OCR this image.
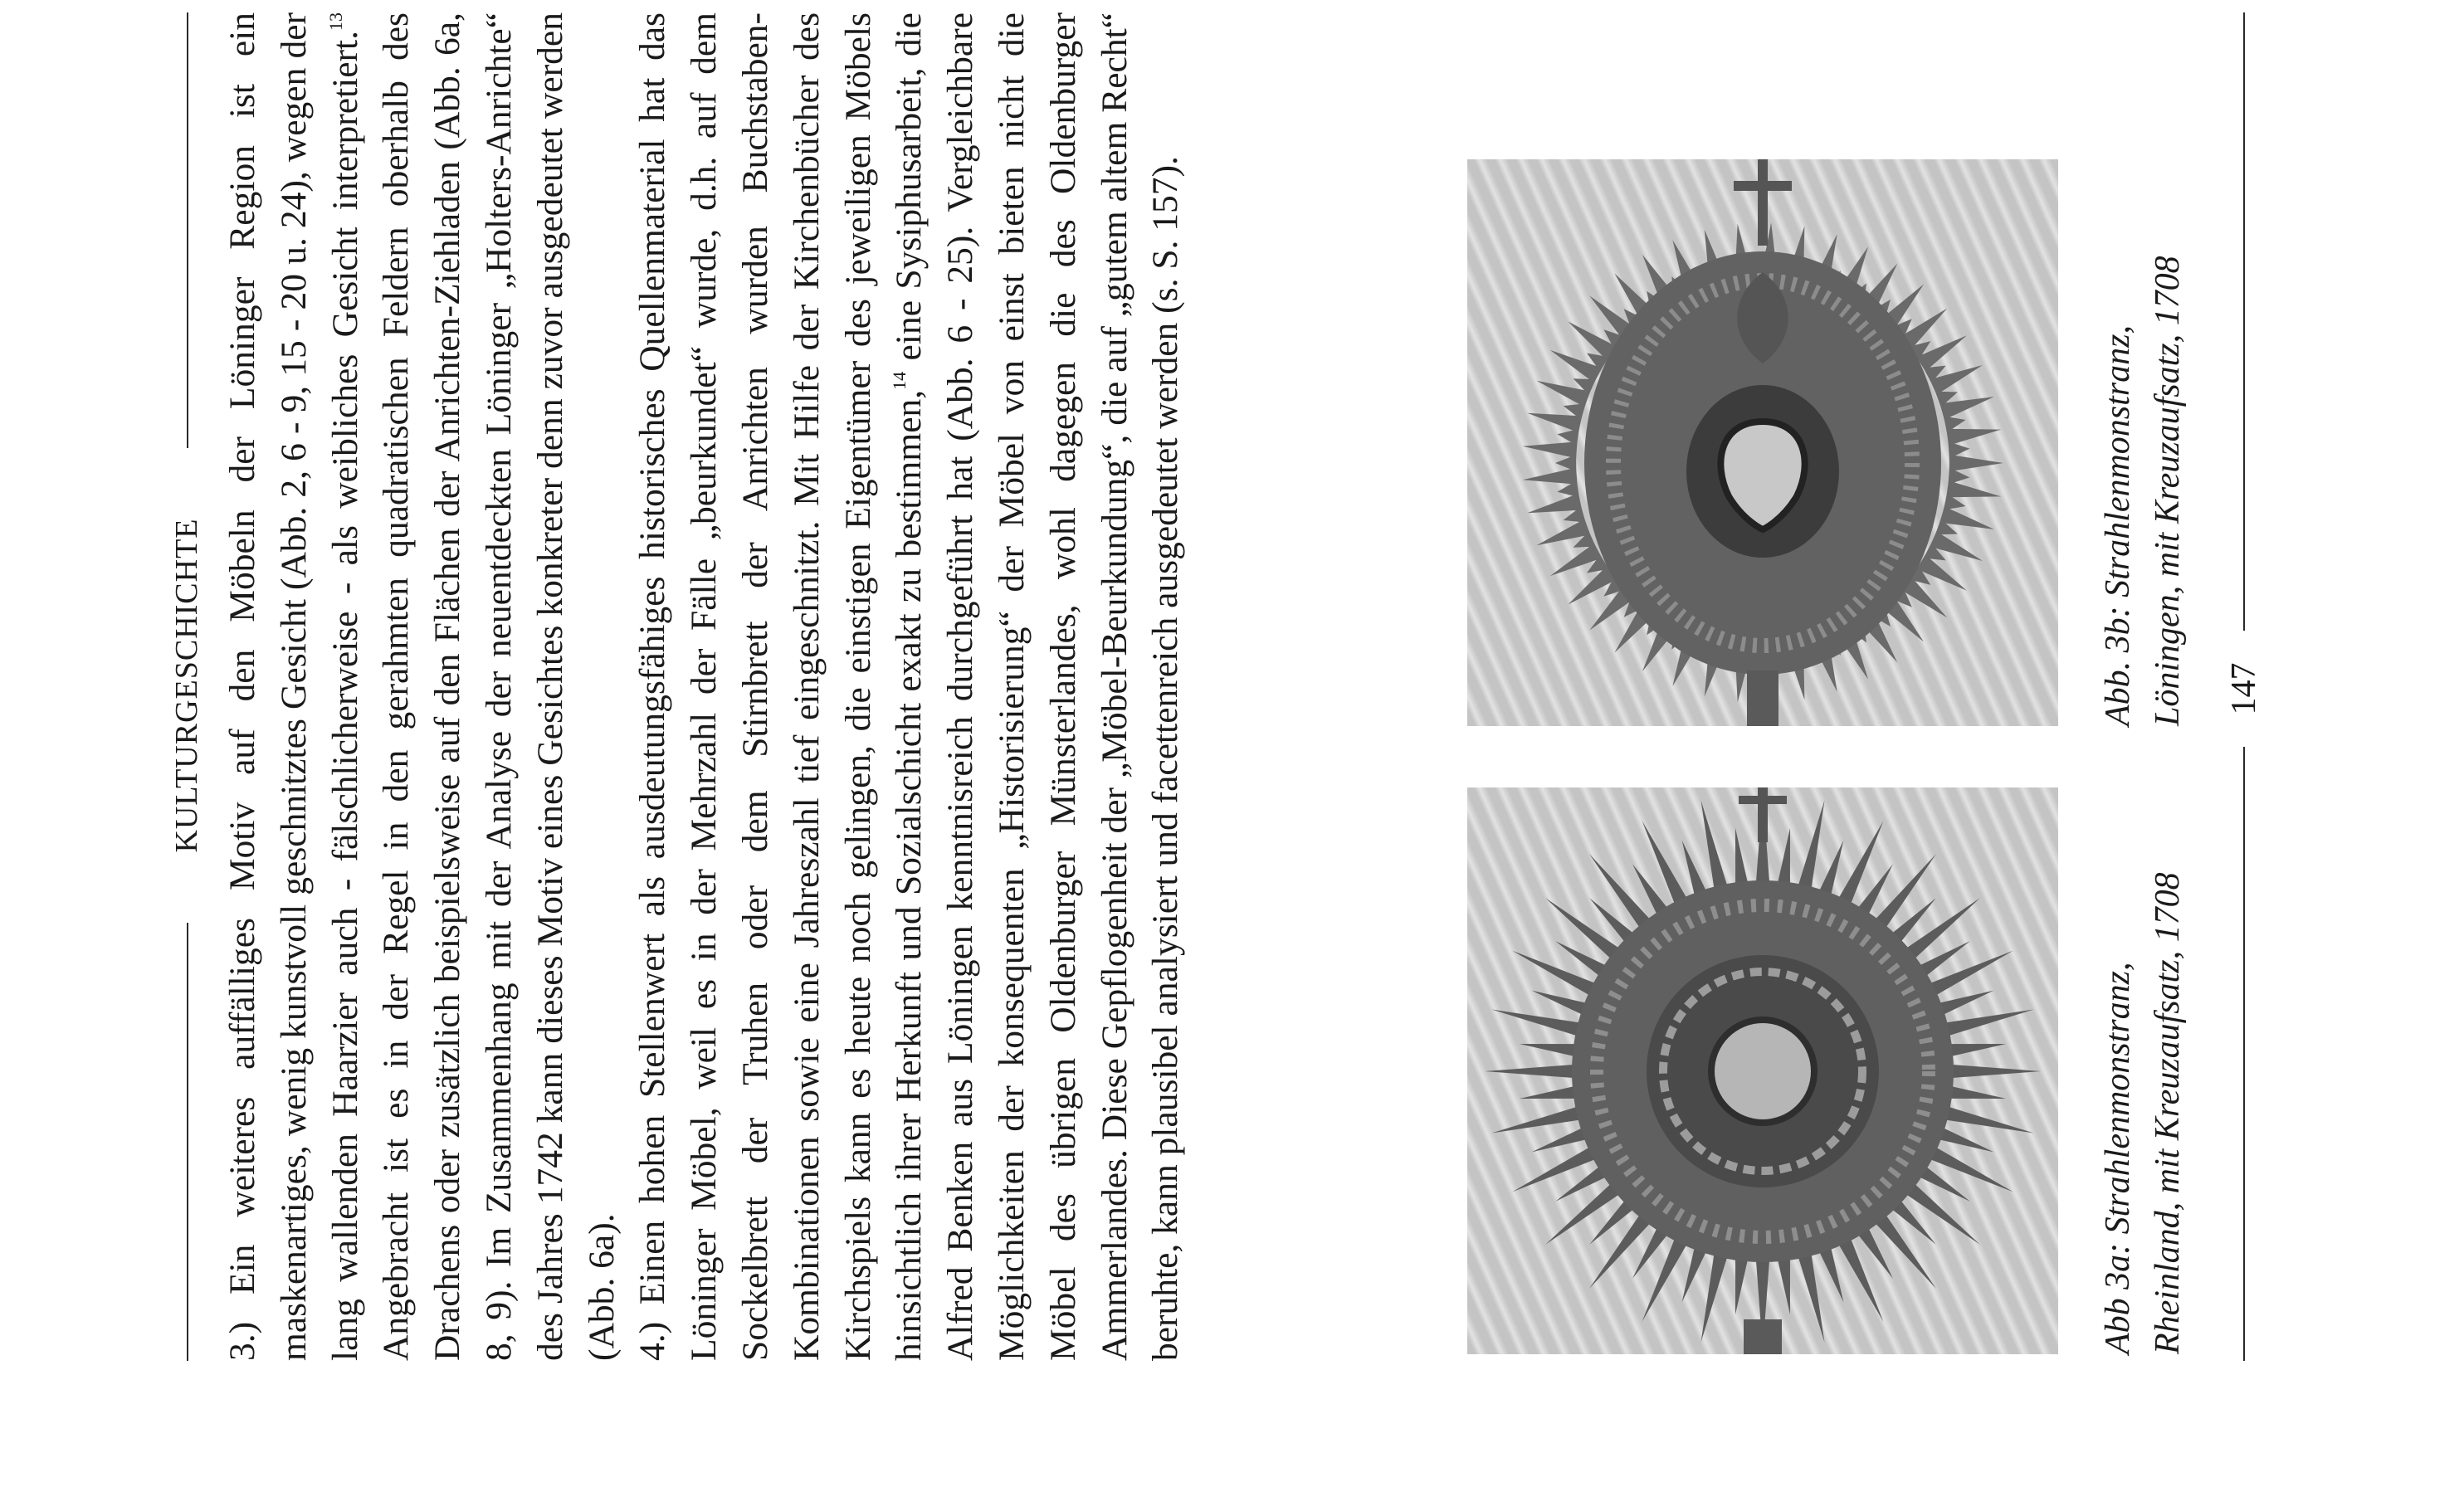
KULTURGESCHICHTE 3.) Ein weiteres auffälliges Motiv auf den Möbeln der Löninger Region ist ein maskenartiges, wenig kunstvoll geschnitztes Gesicht (Abb. 2, 6 - 9, 15 - 20 u. 24), wegen der lang wallenden Haarzier auch - fälschlicherweise - als weibliches Gesicht interpretiert.$^{13}$ Angebracht ist es in der Regel in den gerahmten quadratischen Feldern oberhalb des Drachens oder zusätzlich beispielsweise auf den Flächen der Anrichten-Ziehladen (Abb. 6a, 8, 9). Im Zusammenhang mit der Analyse der neuentdeckten Löninger „Holters-Anrichte“ des Jahres 1742 kann dieses Motiv eines Gesichtes konkreter denn zuvor ausgedeutet werden (Abb. 6a). 4.) Einen hohen Stellenwert als ausdeutungsfähiges historisches Quellenmaterial hat das Löninger Möbel, weil es in der Mehrzahl der Fälle „beurkundet“ wurde, d.h. auf dem Sockelbrett der Truhen oder dem Stirnbrett der Anrichten wurden Buchstaben-Kombinationen sowie eine Jahreszahl tief eingeschnitzt. Mit Hilfe der Kirchenbücher des Kirchspiels kann es heute noch gelingen, die einstigen Eigentümer des jeweiligen Möbels hinsichtlich ihrer Herkunft und Sozialschicht exakt zu bestimmen,$^{14}$ eine Sysiphusarbeit, die Alfred Benken aus Löningen kenntnisreich durchgeführt hat (Abb. 6 - 25). Vergleichbare Möglichkeiten der konsequenten „Historisierung“ der Möbel von einst bieten nicht die Möbel des übrigen Oldenburger Münsterlandes, wohl dagegen die des Oldenburger Ammerlandes. Diese Gepflogenheit der „Möbel-Beurkundung“, die auf „gutem altem Recht“ beruhte, kann plausibel analysiert und facettenreich ausgedeutet werden (s. S. 157).	Abb 3a: Strahlenmonstranz, Rheinland, mit Kreuzaufsatz, 1708
Abb. 3b: Strahlenmonstranz, Löningen, mit Kreuzaufsatz, 1708 147
